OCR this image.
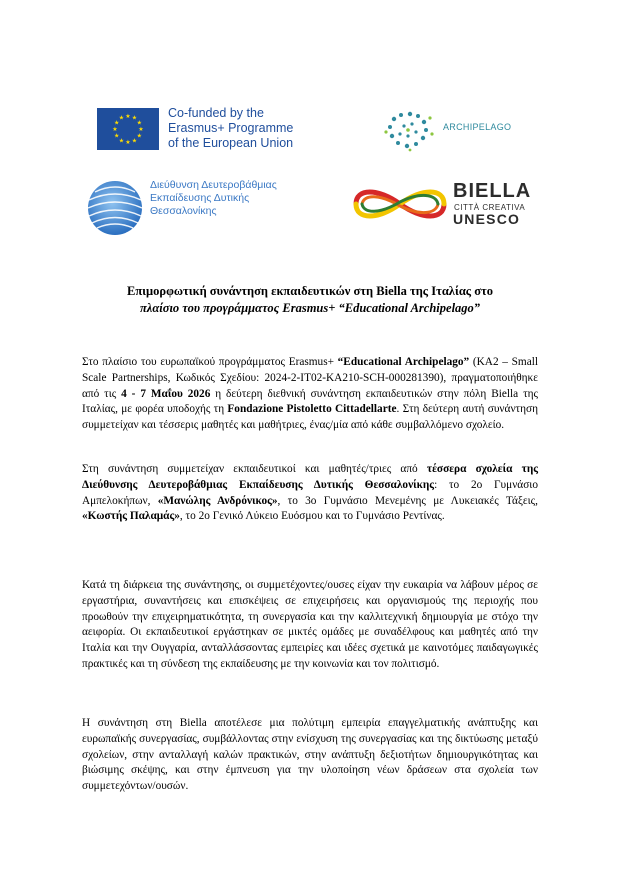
★ ★
★
★
★
★
★
★
★
★
★
★	Co-funded by the
Erasmus+ Programme
of the European Union
ARCHIPELAGO
Διεύθυνση Δευτεροβάθμιας
Εκπαίδευσης Δυτικής
Θεσσαλονίκης
BIELLA
CITTÀ CREATIVA
UNESCO
Επιμορφωτική συνάντηση εκπαιδευτικών στη Biella της Ιταλίας στο
πλαίσιο του προγράμματος Erasmus+ “Educational Archipelago”
Στο πλαίσιο του ευρωπαϊκού προγράμματος Erasmus+ “Educational Archipelago” (KA2 – Small Scale Partnerships, Κωδικός Σχεδίου: 2024-2-IT02-KA210-SCH-000281390), πραγματοποιήθηκε από τις 4 - 7 Μαΐου 2026 η δεύτερη διεθνική συνάντηση εκπαιδευτικών στην πόλη Biella της Ιταλίας, με φορέα υποδοχής τη Fondazione Pistoletto Cittadellarte. Στη δεύτερη αυτή συνάντηση συμμετείχαν και τέσσερις μαθητές και μαθήτριες, ένας/μία από κάθε συμβαλλόμενο σχολείο.
Στη συνάντηση συμμετείχαν εκπαιδευτικοί και μαθητές/τριες από τέσσερα σχολεία της Διεύθυνσης Δευτεροβάθμιας Εκπαίδευσης Δυτικής Θεσσαλονίκης: το 2ο Γυμνάσιο Αμπελοκήπων, «Μανώλης Ανδρόνικος», το 3ο Γυμνάσιο Μενεμένης με Λυκειακές Τάξεις, «Κωστής Παλαμάς», το 2ο Γενικό Λύκειο Ευόσμου και το Γυμνάσιο Ρεντίνας.
Κατά τη διάρκεια της συνάντησης, οι συμμετέχοντες/ουσες είχαν την ευκαιρία να λάβουν μέρος σε εργαστήρια, συναντήσεις και επισκέψεις σε επιχειρήσεις και οργανισμούς της περιοχής που προωθούν την επιχειρηματικότητα, τη συνεργασία και την καλλιτεχνική δημιουργία με στόχο την αειφορία. Οι εκπαιδευτικοί εργάστηκαν σε μικτές ομάδες με συναδέλφους και μαθητές από την Ιταλία και την Ουγγαρία, ανταλλάσσοντας εμπειρίες και ιδέες σχετικά με καινοτόμες παιδαγωγικές πρακτικές και τη σύνδεση της εκπαίδευσης με την κοινωνία και τον πολιτισμό.
Η συνάντηση στη Biella αποτέλεσε μια πολύτιμη εμπειρία επαγγελματικής ανάπτυξης και ευρωπαϊκής συνεργασίας, συμβάλλοντας στην ενίσχυση της συνεργασίας και της δικτύωσης μεταξύ σχολείων, στην ανταλλαγή καλών πρακτικών, στην ανάπτυξη δεξιοτήτων δημιουργικότητας και βιώσιμης σκέψης, και στην έμπνευση για την υλοποίηση νέων δράσεων στα σχολεία των συμμετεχόντων/ουσών.
